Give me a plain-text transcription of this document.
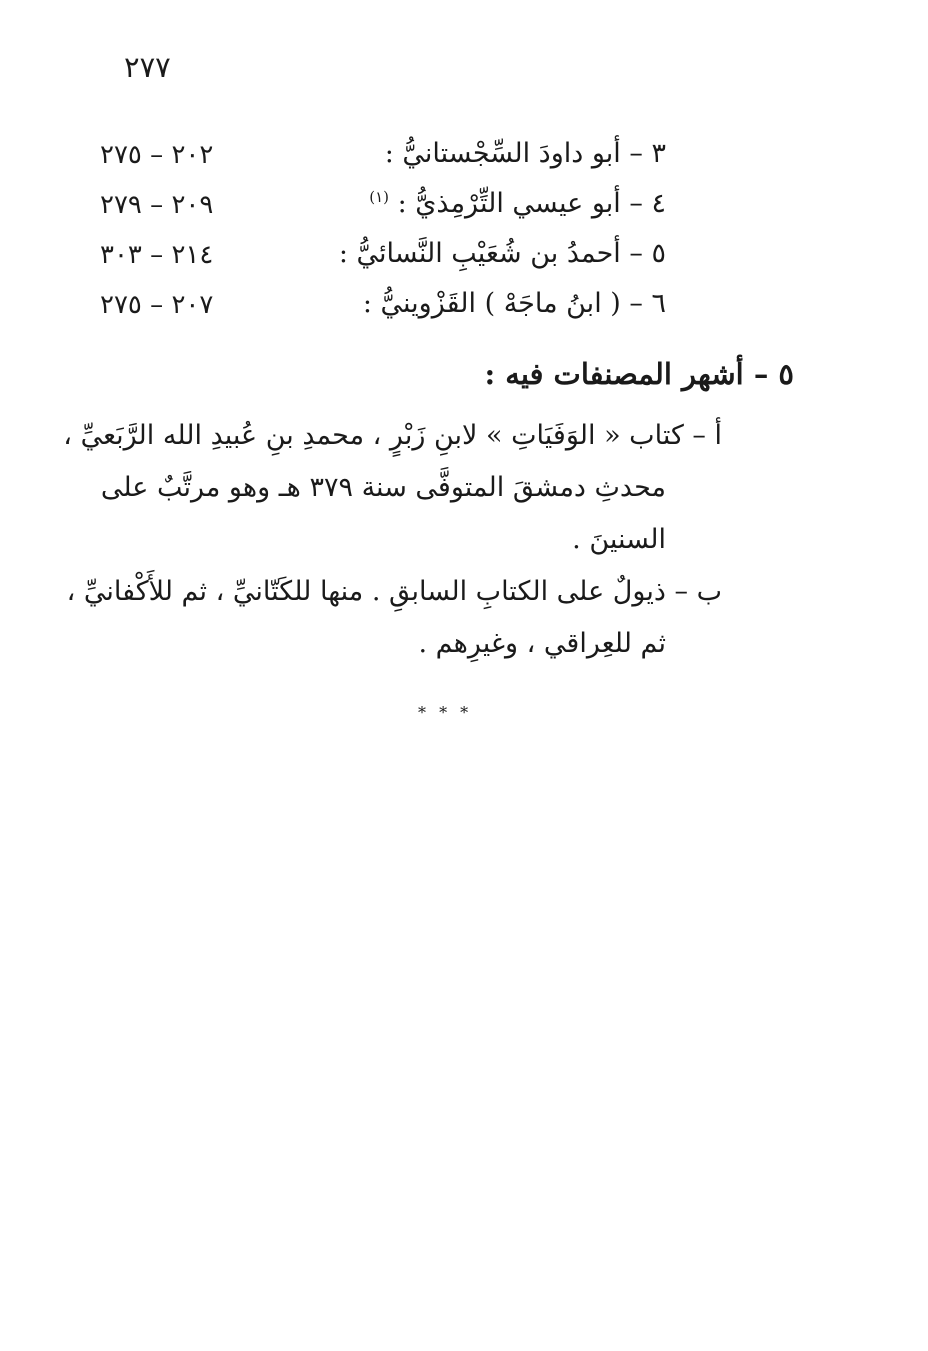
٢٧٧
٣ – أبو داودَ السِّجْستانيُّ :
٢٠٢ – ٢٧٥
٤ – أبو عيسي التِّرْمِذيُّ : $^{(١)}$
٢٠٩ – ٢٧٩
٥ – أحمدُ بن شُعَيْبِ النَّسائيُّ :
٢١٤ – ٣٠٣
٦ – ( ابنُ ماجَهْ ) القَزْوينيُّ :
٢٠٧ – ٢٧٥
٥ – أشهر المصنفات فيه :
أ – كتاب « الوَفَيَاتِ » لابنِ زَبْرٍ ، محمدِ بنِ عُبيدِ الله الرَّبَعيِّ ،
محدثِ دمشقَ المتوفَّى سنة ٣٧٩ هـ وهو مرتَّبٌ على
السنينَ .
ب – ذيولٌ على الكتابِ السابقِ . منها للكَتّانيِّ ، ثم للأَكْفانيِّ ،
ثم للعِراقي ، وغيرِهم .
* * *
